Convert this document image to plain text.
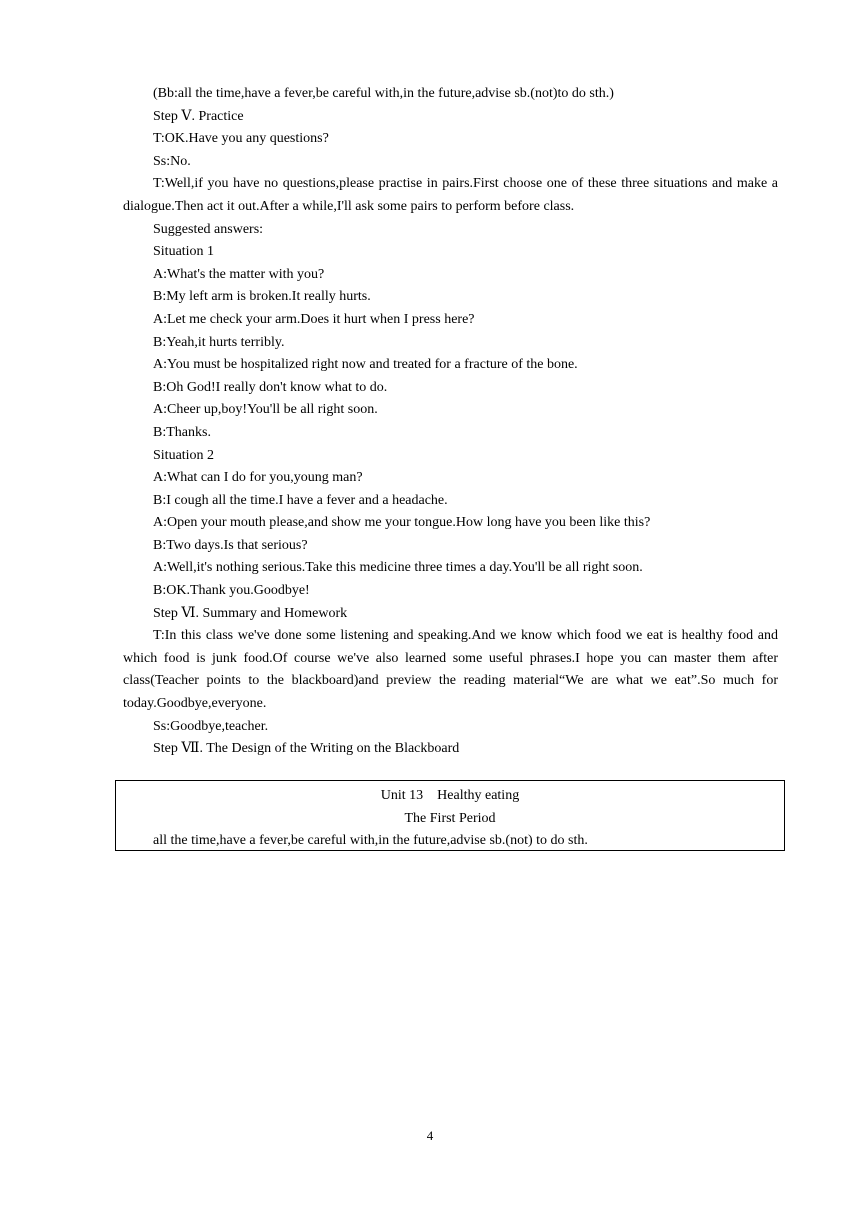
(Bb:all the time,have a fever,be careful with,in the future,advise sb.(not)to do sth.)
Step Ⅴ. Practice
T:OK.Have you any questions?
Ss:No.
T:Well,if you have no questions,please practise in pairs.First choose one of these three situations and make a dialogue.Then act it out.After a while,I'll ask some pairs to perform before class.
Suggested answers:
Situation 1
A:What's the matter with you?
B:My left arm is broken.It really hurts.
A:Let me check your arm.Does it hurt when I press here?
B:Yeah,it hurts terribly.
A:You must be hospitalized right now and treated for a fracture of the bone.
B:Oh God!I really don't know what to do.
A:Cheer up,boy!You'll be all right soon.
B:Thanks.
Situation 2
A:What can I do for you,young man?
B:I cough all the time.I have a fever and a headache.
A:Open your mouth please,and show me your tongue.How long have you been like this?
B:Two days.Is that serious?
A:Well,it's nothing serious.Take this medicine three times a day.You'll be all right soon.
B:OK.Thank you.Goodbye!
Step Ⅵ. Summary and Homework
T:In this class we've done some listening and speaking.And we know which food we eat is healthy food and which food is junk food.Of course we've also learned some useful phrases.I hope you can master them after class(Teacher points to the blackboard)and preview the reading material“We are what we eat”.So much for today.Goodbye,everyone.
Ss:Goodbye,teacher.
Step Ⅶ. The Design of the Writing on the Blackboard
Unit 13　Healthy eating
The First Period
all the time,have a fever,be careful with,in the future,advise sb.(not) to do sth.
4
